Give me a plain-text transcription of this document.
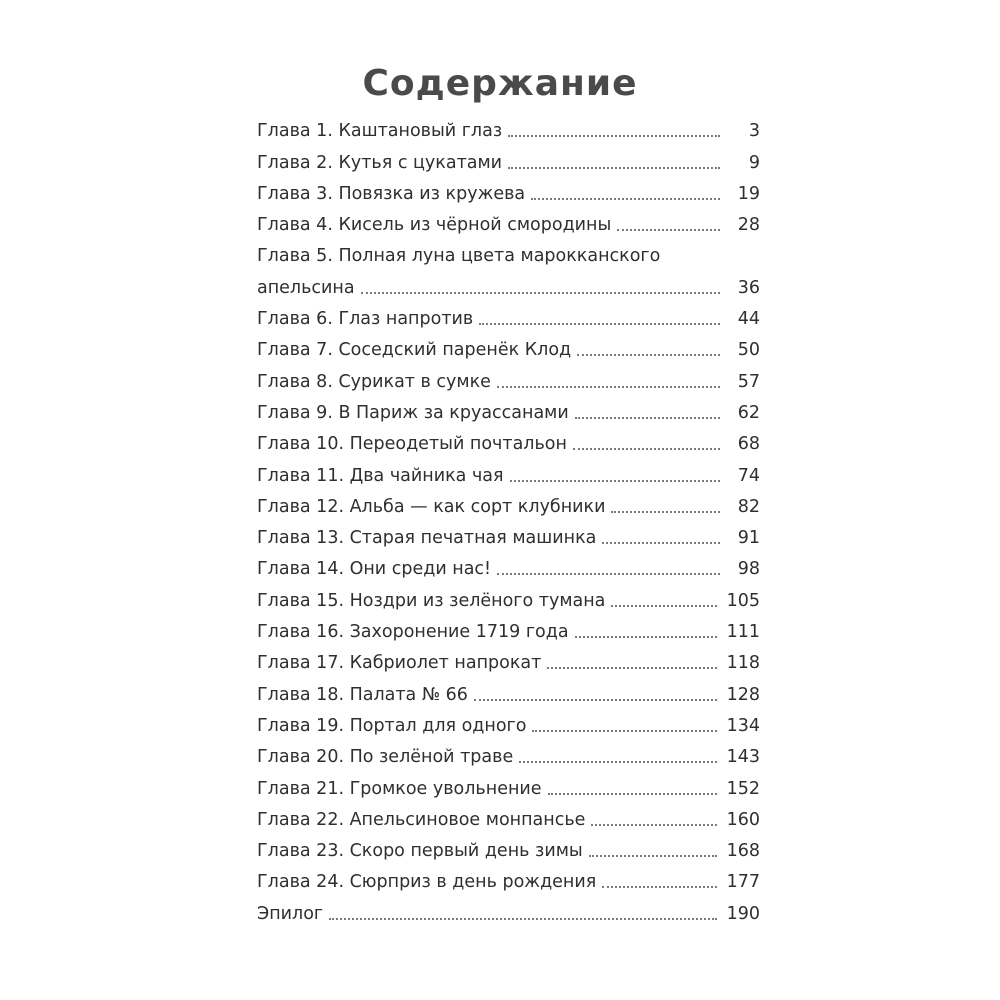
Содержание
Глава 1. Каштановый глаз	3
Глава 2. Кутья с цукатами	9
Глава 3. Повязка из кружева	19
Глава 4. Кисель из чёрной смородины	28
Глава 5. Полная луна цвета марокканского
апельсина	36
Глава 6. Глаз напротив	44
Глава 7. Соседский паренёк Клод	50
Глава 8. Сурикат в сумке	57
Глава 9. В Париж за круассанами	62
Глава 10. Переодетый почтальон	68
Глава 11. Два чайника чая	74
Глава 12. Альба — как сорт клубники	82
Глава 13. Старая печатная машинка	91
Глава 14. Они среди нас!	98
Глава 15. Ноздри из зелёного тумана	105
Глава 16. Захоронение 1719 года	111
Глава 17. Кабриолет напрокат	118
Глава 18. Палата № 66	128
Глава 19. Портал для одного	134
Глава 20. По зелёной траве	143
Глава 21. Громкое увольнение	152
Глава 22. Апельсиновое монпансье	160
Глава 23. Скоро первый день зимы	168
Глава 24. Сюрприз в день рождения	177
Эпилог	190
